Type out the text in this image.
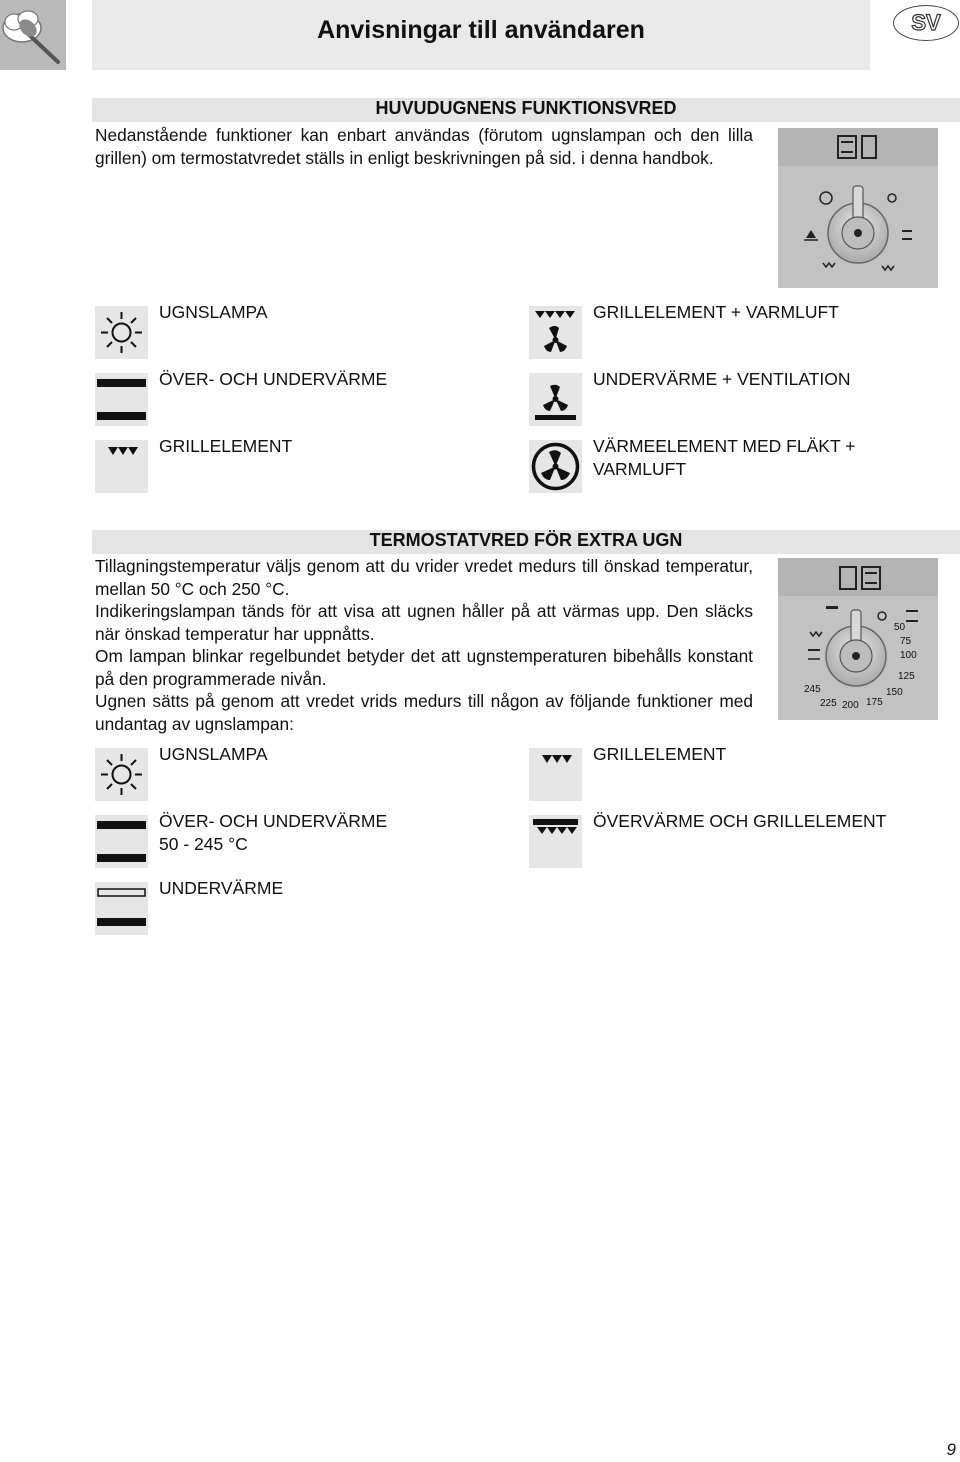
Anvisningar till användaren	SV
HUVUDUGNENS FUNKTIONSVRED
Nedanstående funktioner kan enbart användas (förutom ugnslampan och den lilla grillen) om termostatvredet ställs in enligt beskrivningen på sid. i denna handbok.
UGNSLAMPA
ÖVER- OCH UNDERVÄRME
GRILLELEMENT
GRILLELEMENT + VARMLUFT
UNDERVÄRME + VENTILATION
VÄRMEELEMENT MED FLÄKT + VARMLUFT
TERMOSTATVRED FÖR EXTRA UGN
Tillagningstemperatur väljs genom att du vrider vredet medurs till önskad temperatur, mellan 50 °C och 250 °C.
Indikeringslampan tänds för att visa att ugnen håller på att värmas upp. Den släcks när önskad temperatur har uppnåtts.
Om lampan blinkar regelbundet betyder det att ugnstemperaturen bibehålls konstant på den programmerade nivån.
Ugnen sätts på genom att vredet vrids medurs till någon av följande funktioner med undantag av ugnslampan:
50
75
100
125
150
175
200
225
245
UGNSLAMPA
ÖVER- OCH UNDERVÄRME
50 - 245 °C
UNDERVÄRME
GRILLELEMENT
ÖVERVÄRME OCH GRILLELEMENT
9
